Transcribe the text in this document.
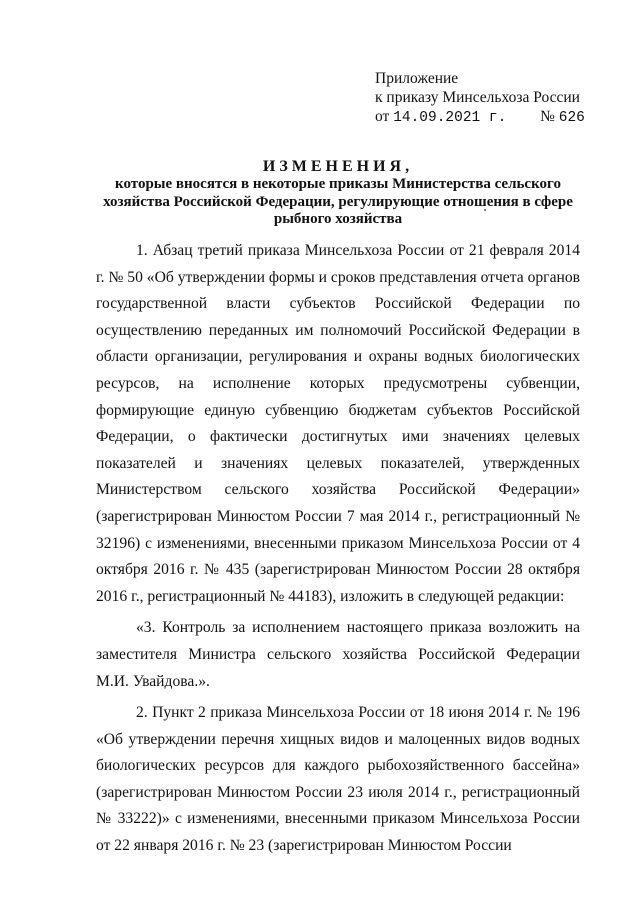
Приложение
к приказу Минсельхоза России
от 14.09.2021 г. № 626
ИЗМЕНЕНИЯ,
которые вносятся в некоторые приказы Министерства сельского хозяйства Российской Федерации, регулирующие отношения в сфере рыбного хозяйства

1. Абзац третий приказа Минсельхоза России от 21 февраля 2014 г. № 50 «Об утверждении формы и сроков представления отчета органов государственной власти субъектов Российской Федерации по осуществлению переданных им полномочий Российской Федерации в области организации, регулирования и охраны водных биологических ресурсов, на исполнение которых предусмотрены субвенции, формирующие единую субвенцию бюджетам субъектов Российской Федерации, о фактически достигнутых ими значениях целевых показателей и значениях целевых показателей, утвержденных Министерством сельского хозяйства Российской Федерации» (зарегистрирован Минюстом России 7 мая 2014 г., регистрационный № 32196) с изменениями, внесенными приказом Минсельхоза России от 4 октября 2016 г. № 435 (зарегистрирован Минюстом России 28 октября 2016 г., регистрационный № 44183), изложить в следующей редакции:

«3. Контроль за исполнением настоящего приказа возложить на заместителя Министра сельского хозяйства Российской Федерации М.И. Увайдова.».

2. Пункт 2 приказа Минсельхоза России от 18 июня 2014 г. № 196 «Об утверждении перечня хищных видов и малоценных видов водных биологических ресурсов для каждого рыбохозяйственного бассейна» (зарегистрирован Минюстом России 23 июля 2014 г., регистрационный № 33222)» с изменениями, внесенными приказом Минсельхоза России от 22 января 2016 г. № 23 (зарегистрирован Минюстом России
